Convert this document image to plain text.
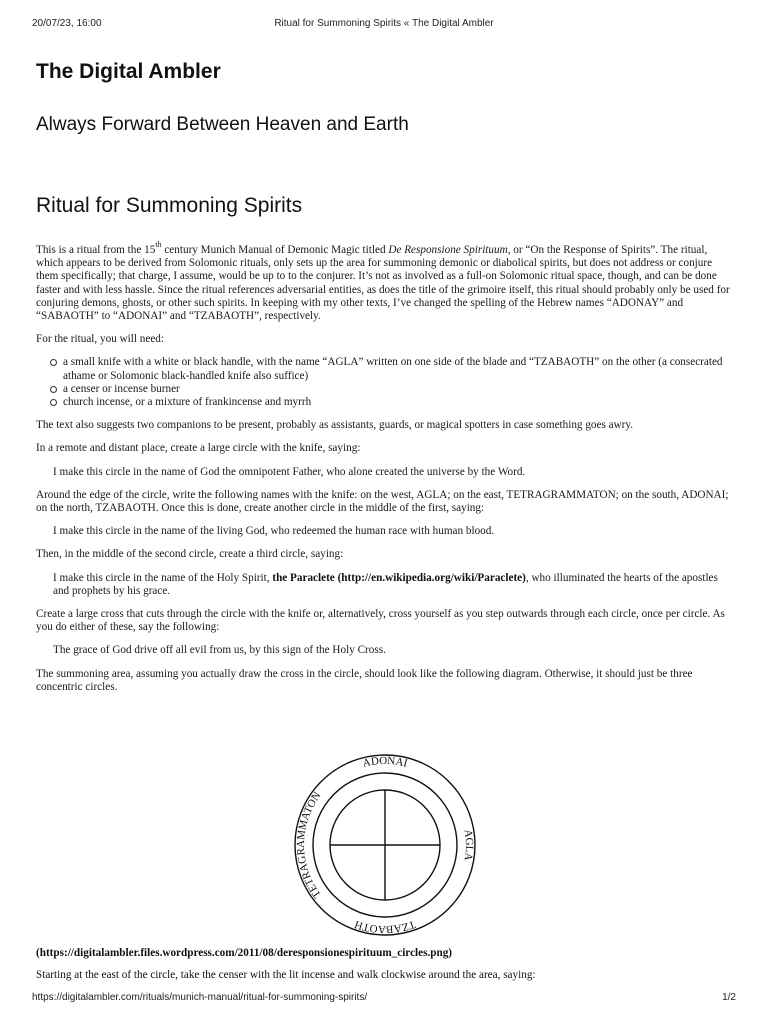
20/07/23, 16:00	Ritual for Summoning Spirits « The Digital Ambler
The Digital Ambler
Always Forward Between Heaven and Earth
Ritual for Summoning Spirits

This is a ritual from the 15th century Munich Manual of Demonic Magic titled De Responsione Spirituum, or “On the Response of Spirits”. The ritual, which appears to be derived from Solomonic rituals, only sets up the area for summoning demonic or diabolical spirits, but does not address or conjure them specifically; that charge, I assume, would be up to to the conjurer. It’s not as involved as a full-on Solomonic ritual space, though, and can be done faster and with less hassle. Since the ritual references adversarial entities, as does the title of the grimoire itself, this ritual should probably only be used for conjuring demons, ghosts, or other such spirits. In keeping with my other texts, I’ve changed the spelling of the Hebrew names “ADONAY” and “SABAOTH” to “ADONAI” and “TZABAOTH”, respectively.

For the ritual, you will need:

a small knife with a white or black handle, with the name “AGLA” written on one side of the blade and “TZABAOTH” on the other (a consecrated athame or Solomonic black-handled knife also suffice)
a censer or incense burner
church incense, or a mixture of frankincense and myrrh

The text also suggests two companions to be present, probably as assistants, guards, or magical spotters in case something goes awry.

In a remote and distant place, create a large circle with the knife, saying:

I make this circle in the name of God the omnipotent Father, who alone created the universe by the Word.

Around the edge of the circle, write the following names with the knife: on the west, AGLA; on the east, TETRAGRAMMATON; on the south, ADONAI; on the north, TZABAOTH. Once this is done, create another circle in the middle of the first, saying:

I make this circle in the name of the living God, who redeemed the human race with human blood.

Then, in the middle of the second circle, create a third circle, saying:

I make this circle in the name of the Holy Spirit, the Paraclete (http://en.wikipedia.org/wiki/Paraclete), who illuminated the hearts of the apostles and prophets by his grace.

Create a large cross that cuts through the circle with the knife or, alternatively, cross yourself as you step outwards through each circle, once per circle. As you do either of these, say the following:

The grace of God drive off all evil from us, by this sign of the Holy Cross.

The summoning area, assuming you actually draw the cross in the circle, should look like the following diagram. Otherwise, it should just be three concentric circles.

ADONAI
AGLA
TZABAOTH
TETRAGRAMMATON
(https://digitalambler.files.wordpress.com/2011/08/deresponsionespirituum_circles.png)
Starting at the east of the circle, take the censer with the lit incense and walk clockwise around the area, saying:
https://digitalambler.com/rituals/munich-manual/ritual-for-summoning-spirits/	1/2
